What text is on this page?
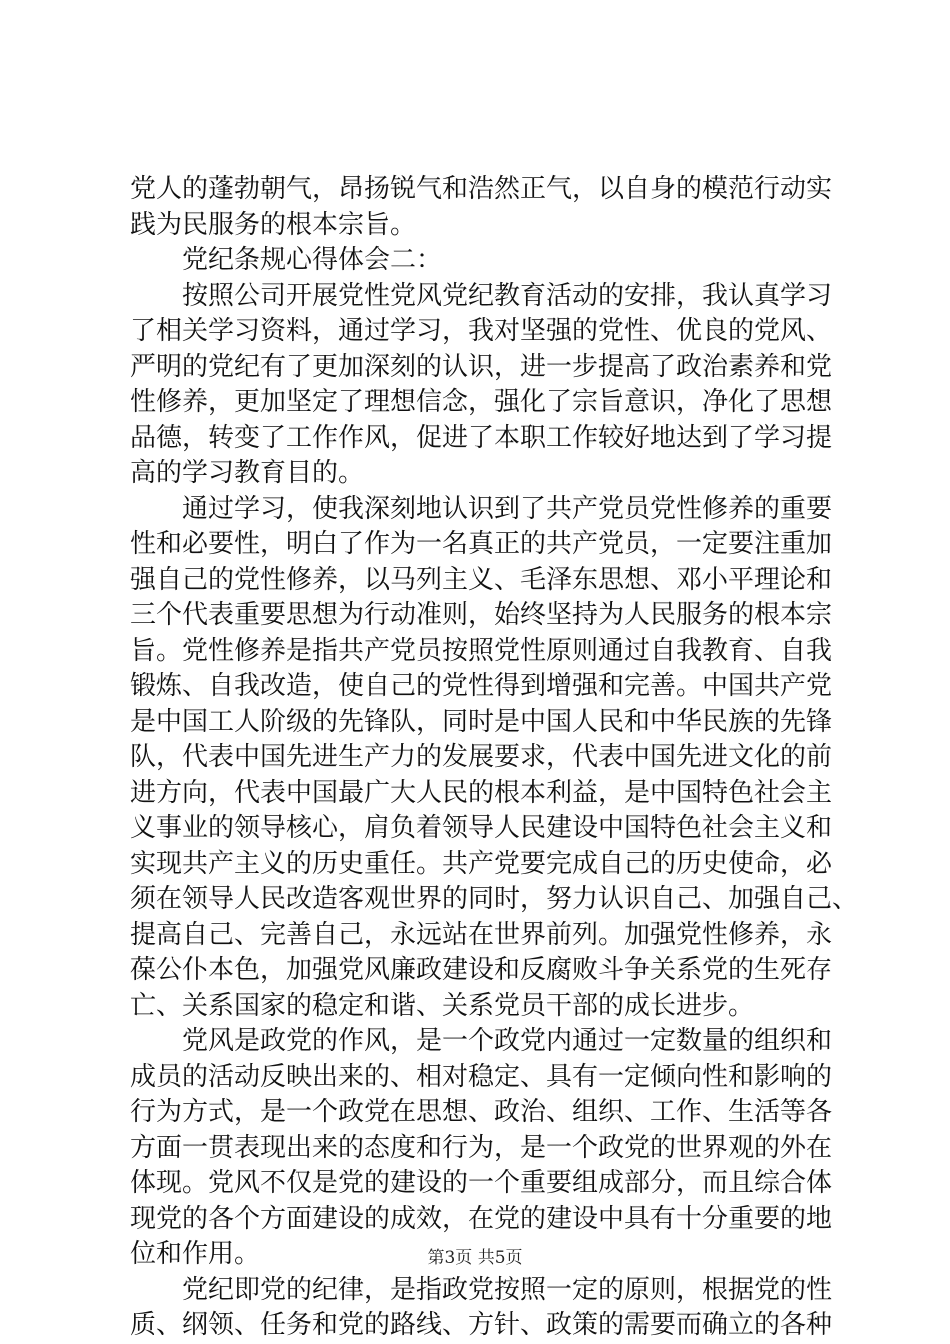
党人的蓬勃朝气，昂扬锐气和浩然正气，以自身的模范行动实
践为民服务的根本宗旨。
党纪条规心得体会二：
按照公司开展党性党风党纪教育活动的安排，我认真学习
了相关学习资料，通过学习，我对坚强的党性、优良的党风、
严明的党纪有了更加深刻的认识，进一步提高了政治素养和党
性修养，更加坚定了理想信念，强化了宗旨意识，净化了思想
品德，转变了工作作风，促进了本职工作较好地达到了学习提
高的学习教育目的。
通过学习，使我深刻地认识到了共产党员党性修养的重要
性和必要性，明白了作为一名真正的共产党员，一定要注重加
强自己的党性修养，以马列主义、毛泽东思想、邓小平理论和
三个代表重要思想为行动准则，始终坚持为人民服务的根本宗
旨。党性修养是指共产党员按照党性原则通过自我教育、自我
锻炼、自我改造，使自己的党性得到增强和完善。中国共产党
是中国工人阶级的先锋队，同时是中国人民和中华民族的先锋
队，代表中国先进生产力的发展要求，代表中国先进文化的前
进方向，代表中国最广大人民的根本利益，是中国特色社会主
义事业的领导核心，肩负着领导人民建设中国特色社会主义和
实现共产主义的历史重任。共产党要完成自己的历史使命，必
须在领导人民改造客观世界的同时，努力认识自己、加强自己、
提高自己、完善自己，永远站在世界前列。加强党性修养，永
葆公仆本色，加强党风廉政建设和反腐败斗争关系党的生死存
亡、关系国家的稳定和谐、关系党员干部的成长进步。
党风是政党的作风，是一个政党内通过一定数量的组织和
成员的活动反映出来的、相对稳定、具有一定倾向性和影响的
行为方式，是一个政党在思想、政治、组织、工作、生活等各
方面一贯表现出来的态度和行为，是一个政党的世界观的外在
体现。党风不仅是党的建设的一个重要组成部分，而且综合体
现党的各个方面建设的成效，在党的建设中具有十分重要的地
位和作用。
党纪即党的纪律，是指政党按照一定的原则，根据党的性
质、纲领、任务和党的路线、方针、政策的需要而确立的各种
第3页 共5页
